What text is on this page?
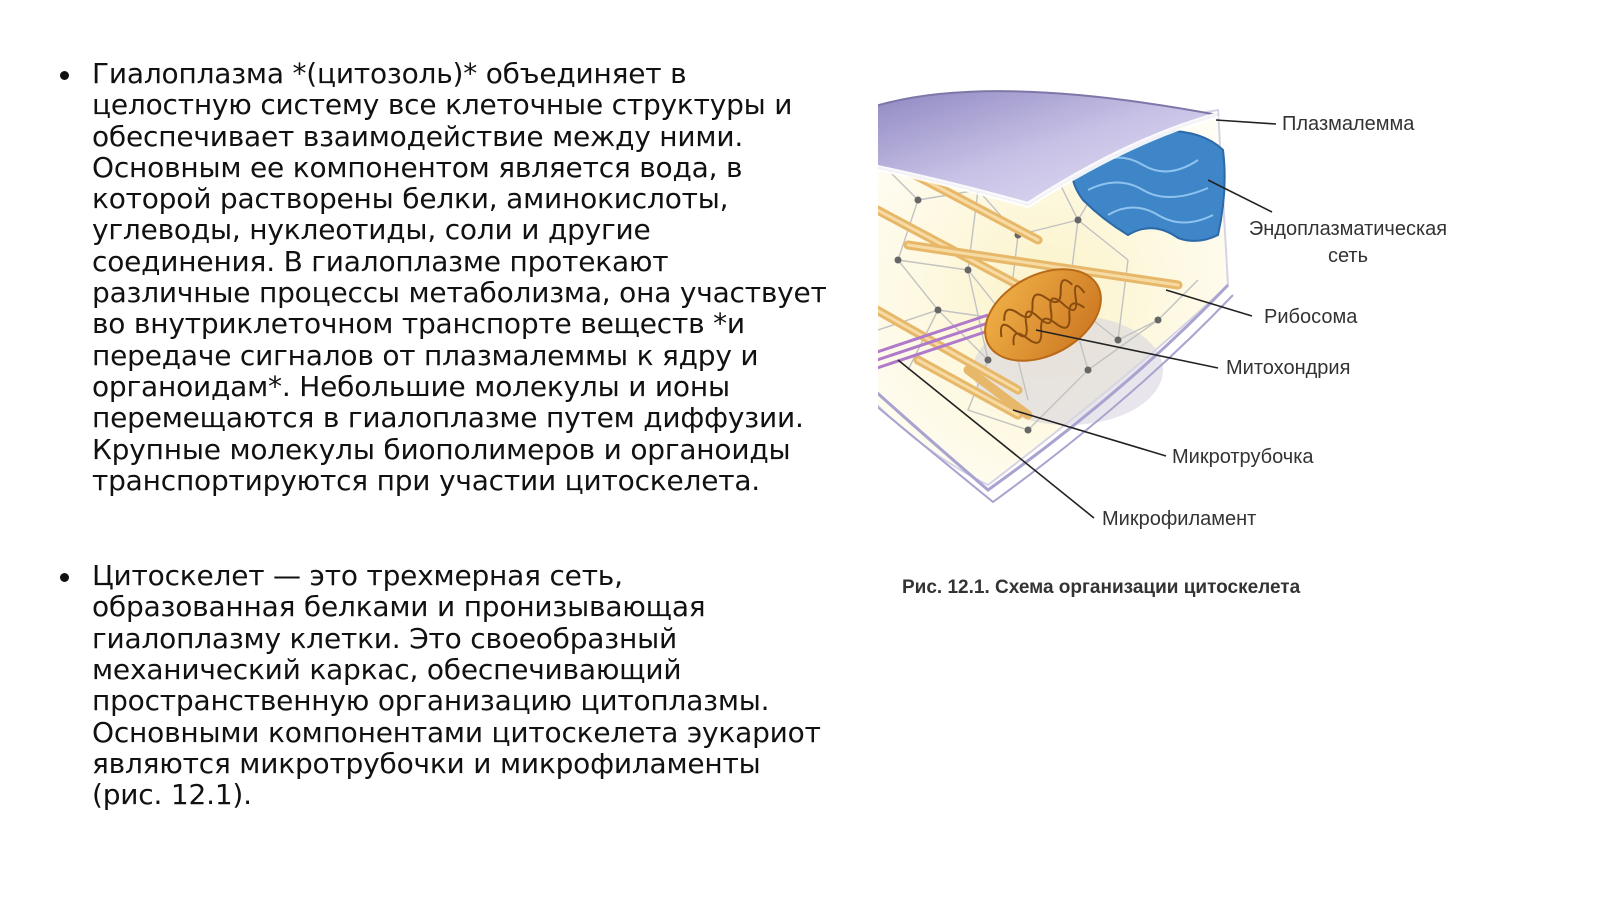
Гиалоплазма *(цитозоль)* объединяет в
целостную систему все клеточные структуры и
обеспечивает взаимодействие между ними.
Основным ее компонентом является вода, в
которой растворены белки, аминокислоты,
углеводы, нуклеотиды, соли и другие
соединения. В гиалоплазме протекают
различные процессы метаболизма, она участвует
во внутриклеточном транспорте веществ *и
передаче сигналов от плазмалеммы к ядру и
органоидам*. Небольшие молекулы и ионы
перемещаются в гиалоплазме путем диффузии.
Крупные молекулы биополимеров и органоиды
транспортируются при участии цитоскелета.
Цитоскелет — это трехмерная сеть,
образованная белками и пронизывающая
гиалоплазму клетки. Это своеобразный
механический каркас, обеспечивающий
пространственную организацию цитоплазмы.
Основными компонентами цитоскелета эукариот
являются микротрубочки и микрофиламенты
(рис. 12.1).
Плазмалемма
Эндоплазматическая
сеть
Рибосома
Митохондрия
Микротрубочка
Микрофиламент
Рис. 12.1. Схема организации цитоскелета
